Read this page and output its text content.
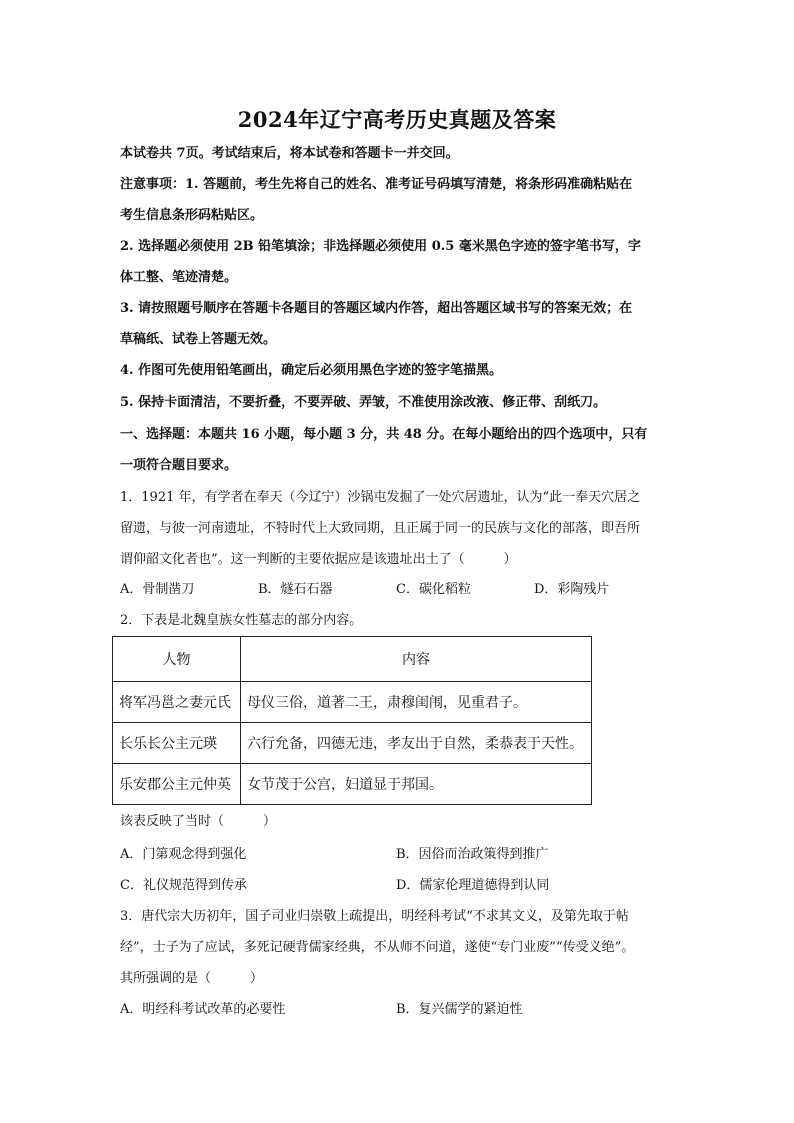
2024年辽宁高考历史真题及答案
本试卷共 7页。考试结束后，将本试卷和答题卡一并交回。
注意事项：1. 答题前，考生先将自己的姓名、准考证号码填写清楚，将条形码准确粘贴在
考生信息条形码粘贴区。
2. 选择题必须使用 2B 铅笔填涂；非选择题必须使用 0.5 毫米黑色字迹的签字笔书写，字
体工整、笔迹清楚。
3. 请按照题号顺序在答题卡各题目的答题区域内作答，超出答题区域书写的答案无效；在
草稿纸、试卷上答题无效。
4. 作图可先使用铅笔画出，确定后必须用黑色字迹的签字笔描黑。
5. 保持卡面清洁，不要折叠，不要弄破、弄皱，不准使用涂改液、修正带、刮纸刀。
一、选择题：本题共 16 小题，每小题 3 分，共 48 分。在每小题给出的四个选项中，只有
一项符合题目要求。
1．1921 年，有学者在奉天（今辽宁）沙锅屯发掘了一处穴居遗址，认为“此一奉天穴居之
留遗，与彼一河南遗址，不特时代上大致同期，且正属于同一的民族与文化的部落，即吾所
谓仰韶文化者也”。这一判断的主要依据应是该遗址出土了（　　　）
A．骨制凿刀	B．燧石石器	C．碳化稻粒	D．彩陶残片
2．下表是北魏皇族女性墓志的部分内容。
人物	内容
将军冯邕之妻元氏	母仪三俗，道著二王，肃穆闺闱，见重君子。
长乐长公主元瑛	六行允备，四德无违，孝友出于自然，柔恭表于天性。
乐安郡公主元仲英	女节茂于公宫，妇道显于邦国。
该表反映了当时（　　　）
A．门第观念得到强化	B．因俗而治政策得到推广
C．礼仪规范得到传承	D．儒家伦理道德得到认同
3．唐代宗大历初年，国子司业归崇敬上疏提出，明经科考试“不求其文义，及第先取于帖
经”，士子为了应试，多死记硬背儒家经典，不从师不问道，遂使“专门业废”“传受义绝”。
其所强调的是（　　　）
A．明经科考试改革的必要性	B．复兴儒学的紧迫性
